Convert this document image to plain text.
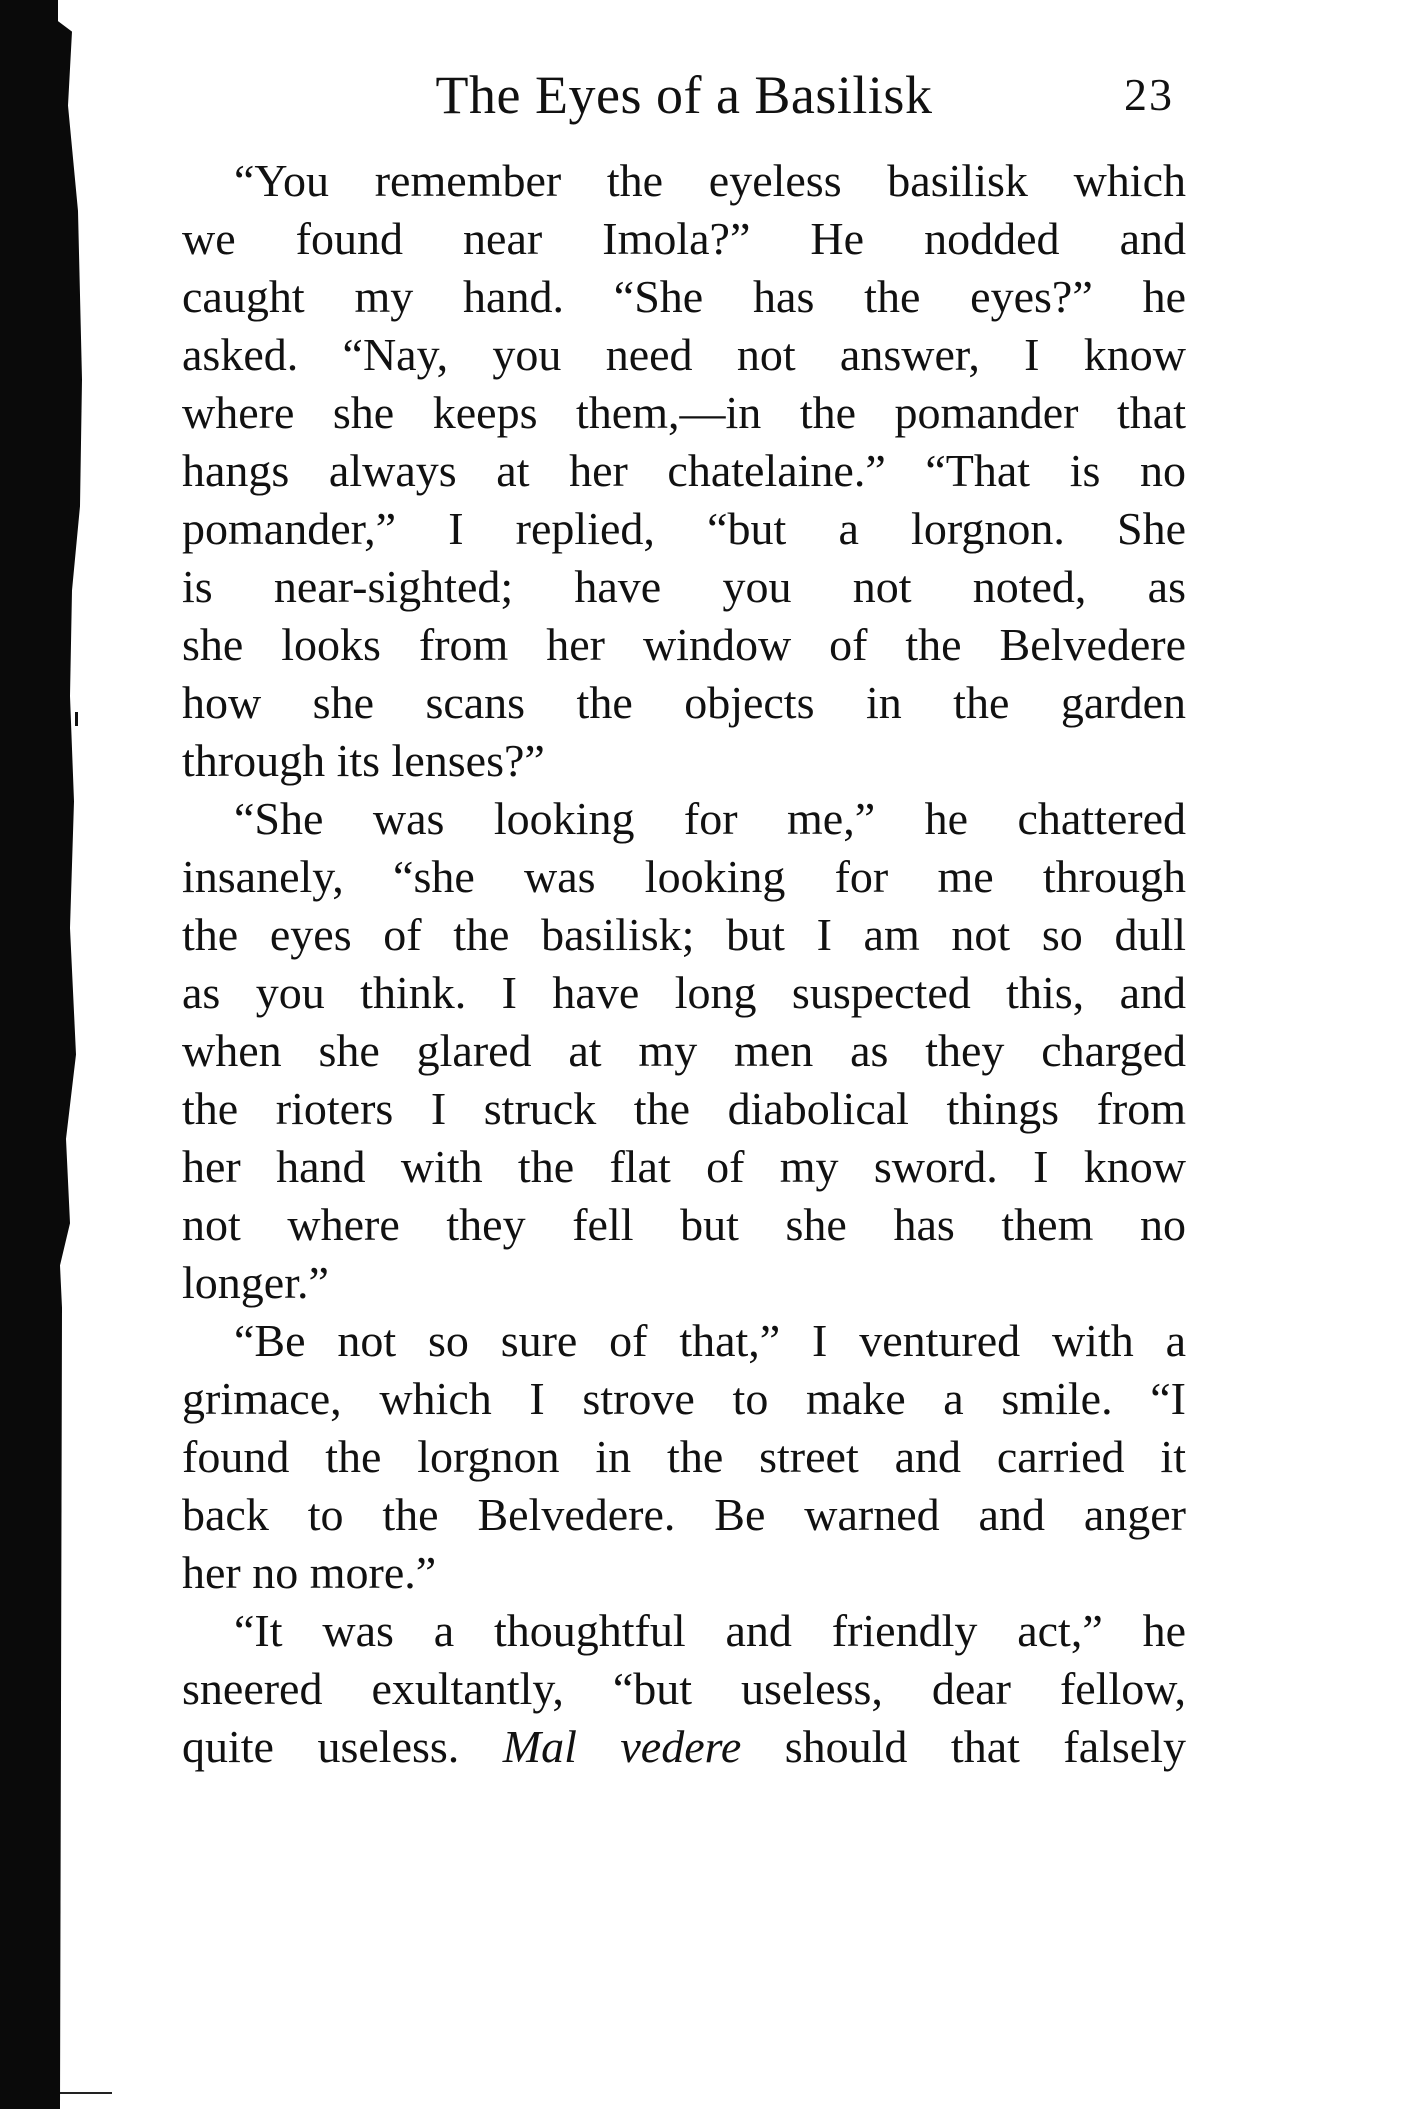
The Eyes of a Basilisk	23
“You remember the eyeless basilisk which
we found near Imola?” He nodded and
caught my hand. “She has the eyes?” he
asked. “Nay, you need not answer, I know
where she keeps them,—in the pomander that
hangs always at her chatelaine.” “That is no
pomander,” I replied, “but a lorgnon. She
is near-sighted; have you not noted, as
she looks from her window of the Belvedere
how she scans the objects in the garden
through its lenses?”
“She was looking for me,” he chattered
insanely, “she was looking for me through
the eyes of the basilisk; but I am not so dull
as you think. I have long suspected this, and
when she glared at my men as they charged
the rioters I struck the diabolical things from
her hand with the flat of my sword. I know
not where they fell but she has them no
longer.”
“Be not so sure of that,” I ventured with a
grimace, which I strove to make a smile. “I
found the lorgnon in the street and carried it
back to the Belvedere. Be warned and anger
her no more.”
“It was a thoughtful and friendly act,” he
sneered exultantly, “but useless, dear fellow,
quite useless. Mal vedere should that falsely
